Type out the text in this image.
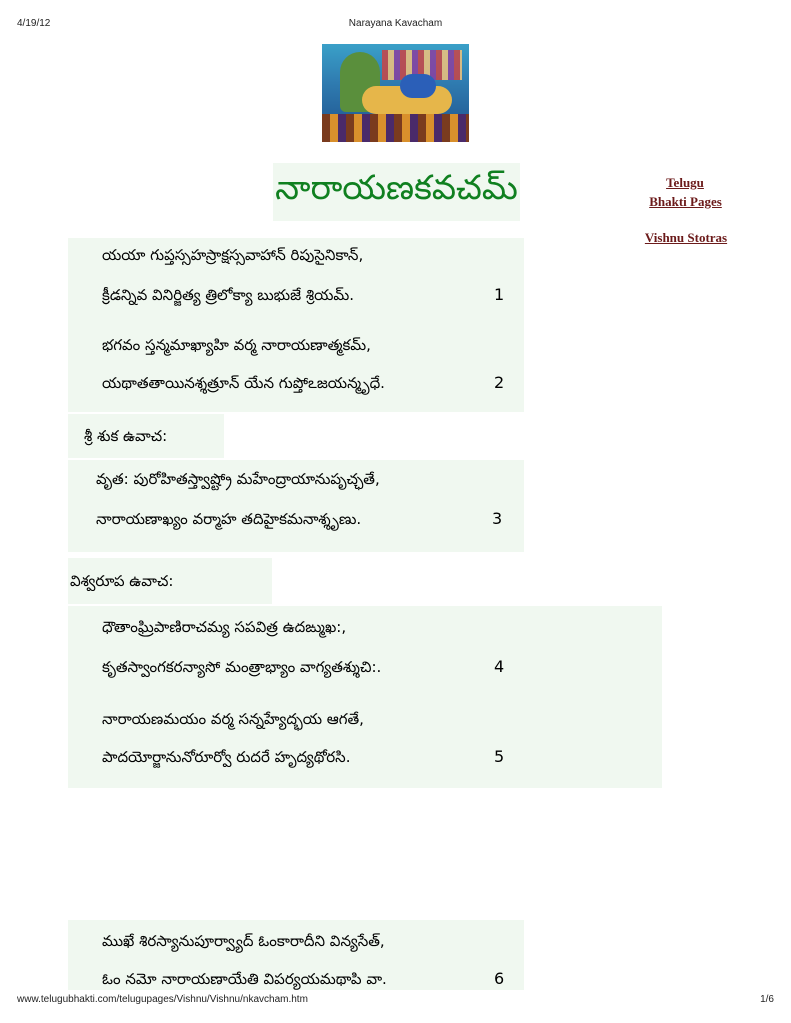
4/19/12	Narayana Kavacham
నారాయణకవచమ్	Telugu
Bhakti Pages
Vishnu Stotras
యయా గుప్తస్సహస్రాక్షస్సవాహాన్ రిపుసైనికాన్,
క్రీడన్నివ వినిర్జిత్య త్రిలోక్యా బుభుజే శ్రియమ్.	1
భగవం స్తన్మమాఖ్యాహి వర్మ నారాయణాత్మకమ్,
యథాతతాయినశ్శత్రూన్ యేన గుప్తోఽజయన్మృధే.	2
శ్రీ శుక ఉవాచ:
వృత: పురోహితస్త్వాష్ట్రో మహేంద్రాయానుపృచ్ఛతే,
నారాయణాఖ్యం వర్మాహ తదిహైకమనాశ్శృణు.	3
విశ్వరూప ఉవాచ:
ధౌతాంఘ్రిపాణిరాచమ్య సపవిత్ర ఉదఙ్ముఖ:,
కృతస్వాంగకరన్యాసో మంత్రాభ్యాం వాగ్యతశ్శుచి:.	4
నారాయణమయం వర్మ సన్నహ్యేద్భయ ఆగతే,
పాదయోర్జానునోరూర్వో రుదరే హృద్యథోరసి.	5
ముఖే శిరస్యానుపూర్వ్యాద్ ఓంకారాదీని విన్యసేత్,
ఓం నమో నారాయణాయేతి విపర్యయమథాపి వా.	6
www.telugubhakti.com/telugupages/Vishnu/Vishnu/nkavcham.htm	1/6
